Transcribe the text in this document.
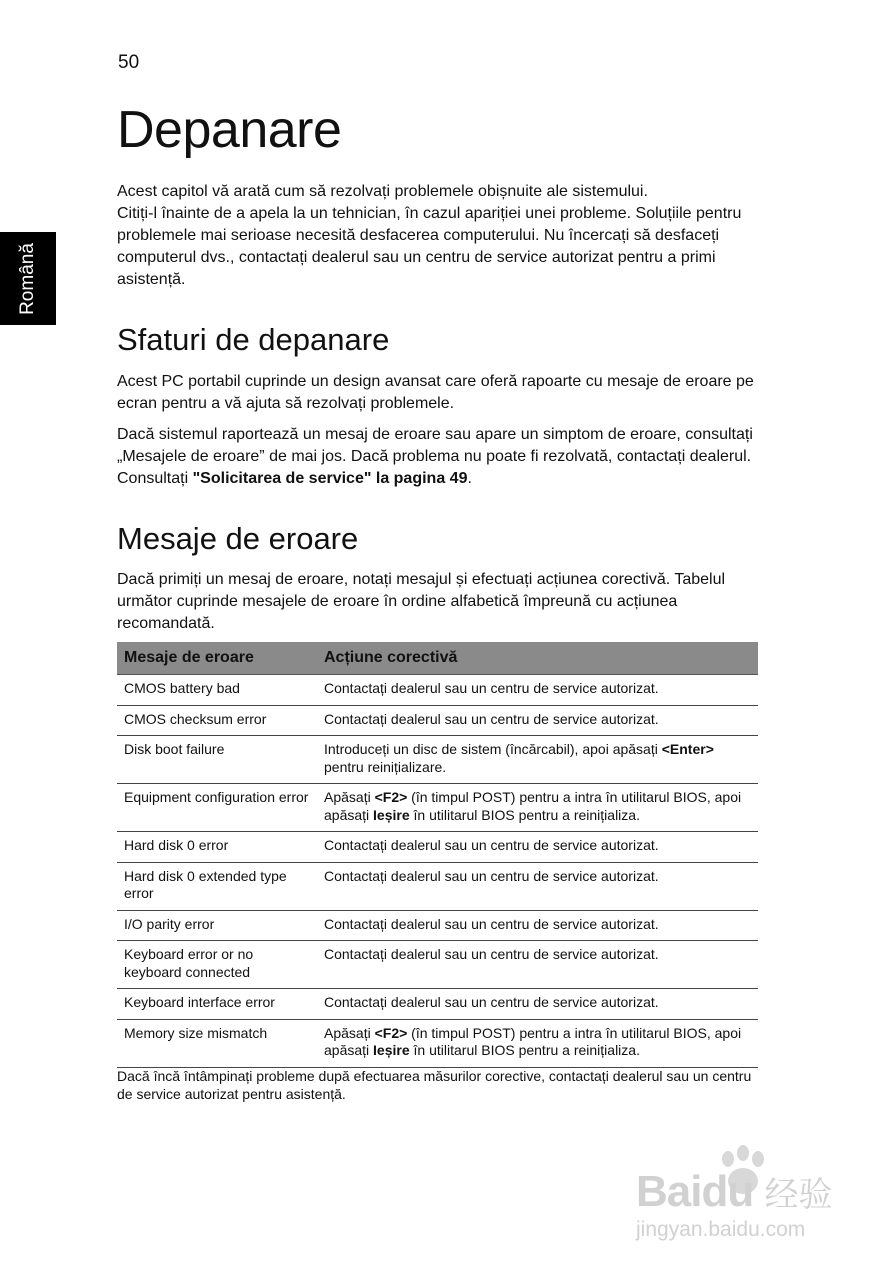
50
Română
Depanare

Acest capitol vă arată cum să rezolvați problemele obișnuite ale sistemului.
Citiți-l înainte de a apela la un tehnician, în cazul apariției unei probleme. Soluțiile pentru problemele mai serioase necesită desfacerea computerului. Nu încercați să desfaceți computerul dvs., contactați dealerul sau un centru de service autorizat pentru a primi asistență.

Sfaturi de depanare

Acest PC portabil cuprinde un design avansat care oferă rapoarte cu mesaje de eroare pe ecran pentru a vă ajuta să rezolvați problemele.

Dacă sistemul raportează un mesaj de eroare sau apare un simptom de eroare, consultați „Mesajele de eroare” de mai jos. Dacă problema nu poate fi rezolvată, contactați dealerul. Consultați "Solicitarea de service" la pagina 49.

Mesaje de eroare

Dacă primiți un mesaj de eroare, notați mesajul și efectuați acțiunea corectivă. Tabelul următor cuprinde mesajele de eroare în ordine alfabetică împreună cu acțiunea recomandată.

Mesaje de eroare	Acțiune corectivă
CMOS battery bad	Contactați dealerul sau un centru de service autorizat.
CMOS checksum error	Contactați dealerul sau un centru de service autorizat.
Disk boot failure	Introduceți un disc de sistem (încărcabil), apoi apăsați <Enter> pentru reinițializare.
Equipment configuration error	Apăsați <F2> (în timpul POST) pentru a intra în utilitarul BIOS, apoi apăsați Ieșire în utilitarul BIOS pentru a reinițializa.
Hard disk 0 error	Contactați dealerul sau un centru de service autorizat.
Hard disk 0 extended type error	Contactați dealerul sau un centru de service autorizat.
I/O parity error	Contactați dealerul sau un centru de service autorizat.
Keyboard error or no keyboard connected	Contactați dealerul sau un centru de service autorizat.
Keyboard interface error	Contactați dealerul sau un centru de service autorizat.
Memory size mismatch	Apăsați <F2> (în timpul POST) pentru a intra în utilitarul BIOS, apoi apăsați Ieșire în utilitarul BIOS pentru a reinițializa.

Dacă încă întâmpinați probleme după efectuarea măsurilor corective, contactați dealerul sau un centru de service autorizat pentru asistență.

Baidu 经验
jingyan.baidu.com
